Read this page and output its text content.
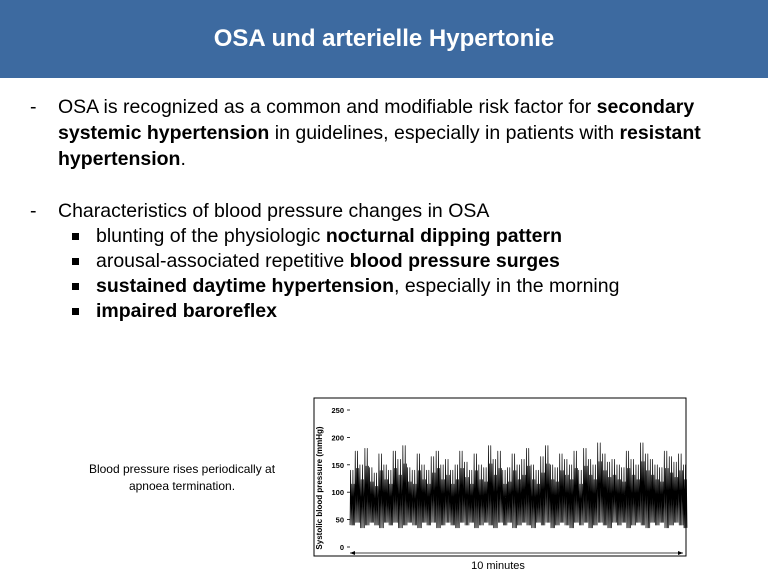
OSA und arterielle Hypertonie
- OSA is recognized as a common and modifiable risk factor for secondary systemic hypertension in guidelines, especially in patients with resistant hypertension.
- Characteristics of blood pressure changes in OSA
blunting of the physiologic nocturnal dipping pattern
arousal-associated repetitive blood pressure surges
sustained daytime hypertension, especially in the morning
impaired baroreflex
Blood pressure rises periodically at apnoea termination.	Systolic blood pressure (mmHg) 0
50
100
150
200
250
10 minutes
